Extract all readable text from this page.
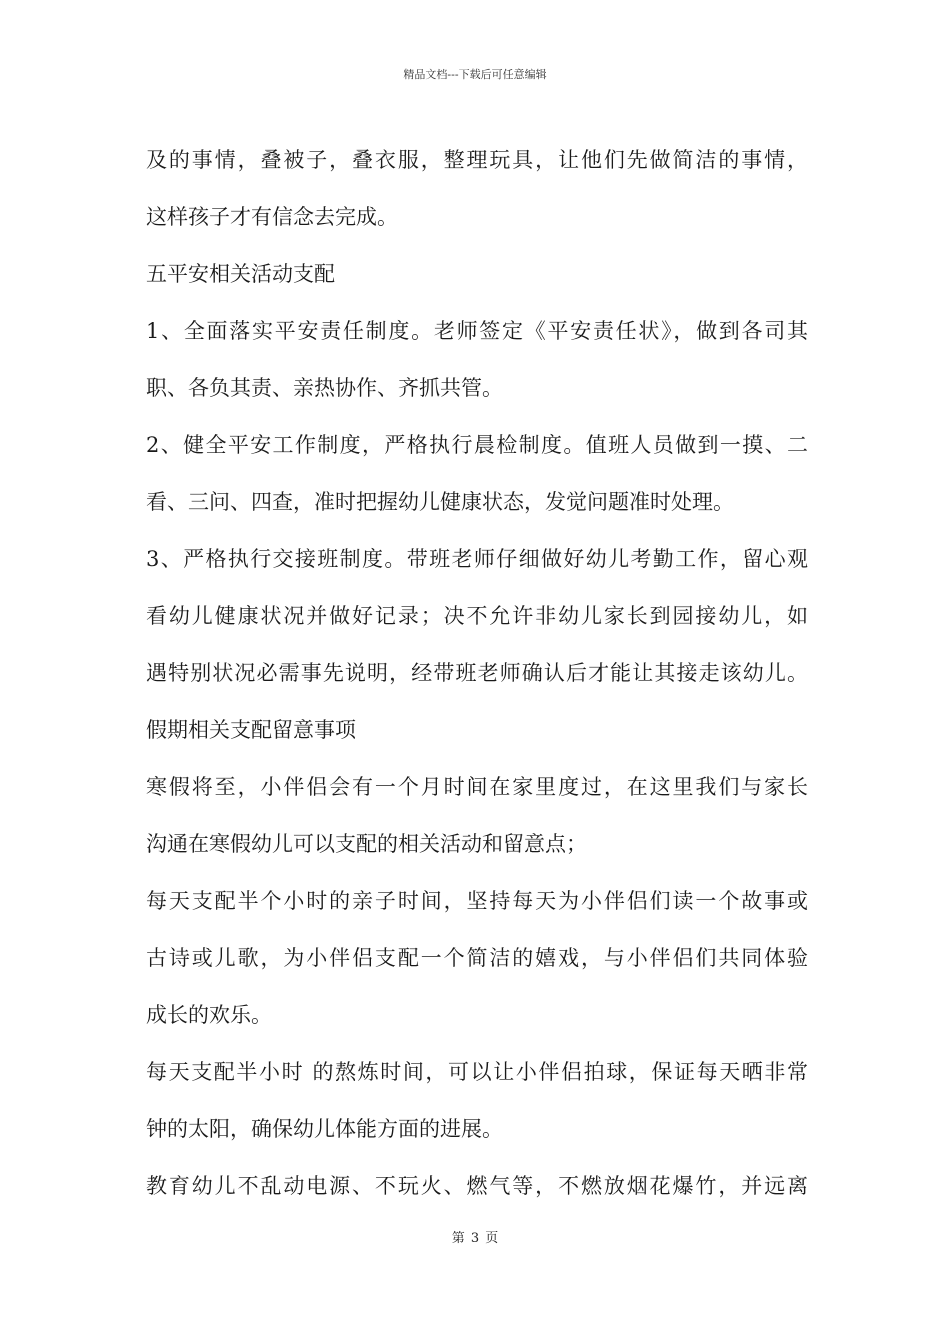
精品文档---下载后可任意编辑
及的事情，叠被子，叠衣服，整理玩具，让他们先做简洁的事情，
这样孩子才有信念去完成。
五平安相关活动支配
1、全面落实平安责任制度。老师签定《平安责任状》，做到各司其
职、各负其责、亲热协作、齐抓共管。
2、健全平安工作制度，严格执行晨检制度。值班人员做到一摸、二
看、三问、四查，准时把握幼儿健康状态，发觉问题准时处理。
3、严格执行交接班制度。带班老师仔细做好幼儿考勤工作，留心观
看幼儿健康状况并做好记录；决不允许非幼儿家长到园接幼儿，如
遇特别状况必需事先说明，经带班老师确认后才能让其接走该幼儿。
假期相关支配留意事项
寒假将至，小伴侣会有一个月时间在家里度过，在这里我们与家长
沟通在寒假幼儿可以支配的相关活动和留意点；
每天支配半个小时的亲子时间，坚持每天为小伴侣们读一个故事或
古诗或儿歌，为小伴侣支配一个简洁的嬉戏，与小伴侣们共同体验
成长的欢乐。
每天支配半小时 的熬炼时间，可以让小伴侣拍球，保证每天晒非常
钟的太阳，确保幼儿体能方面的进展。
教育幼儿不乱动电源、不玩火、燃气等，不燃放烟花爆竹，并远离
第 3 页
